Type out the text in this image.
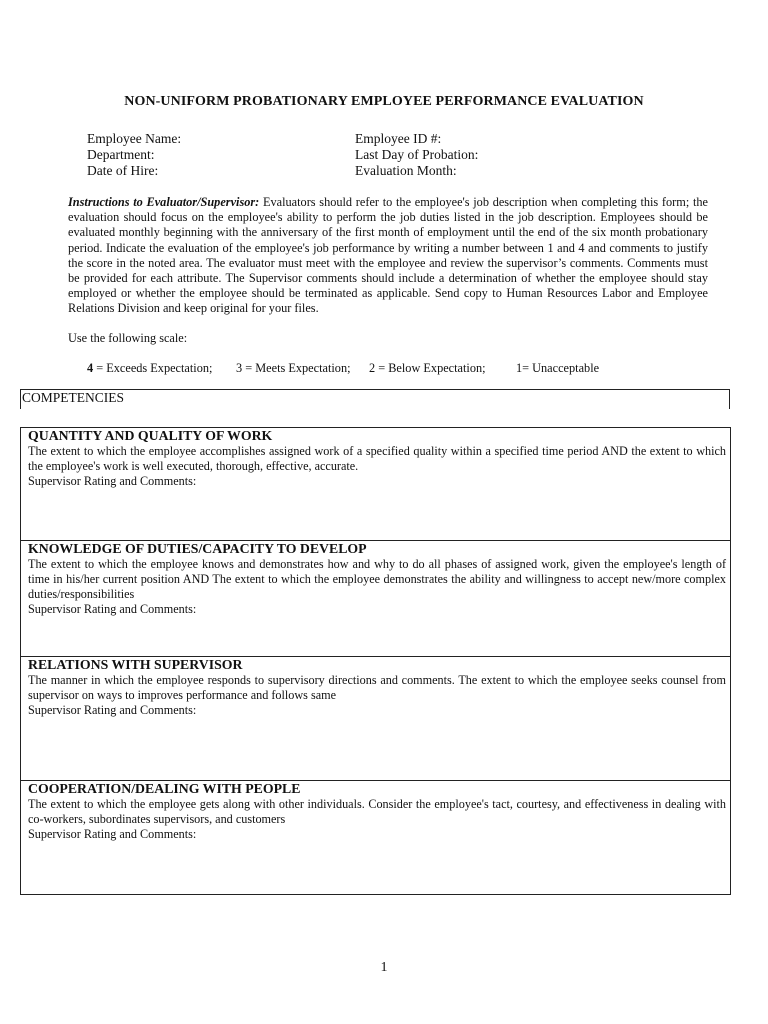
NON-UNIFORM PROBATIONARY EMPLOYEE PERFORMANCE EVALUATION
Employee Name:
Department:
Date of Hire:
Employee ID #:
Last Day of Probation:
Evaluation Month:
Instructions to Evaluator/Supervisor: Evaluators should refer to the employee's job description when completing this form; the evaluation should focus on the employee's ability to perform the job duties listed in the job description. Employees should be evaluated monthly beginning with the anniversary of the first month of employment until the end of the six month probationary period. Indicate the evaluation of the employee's job performance by writing a number between 1 and 4 and comments to justify the score in the noted area. The evaluator must meet with the employee and review the supervisor’s comments. Comments must be provided for each attribute. The Supervisor comments should include a determination of whether the employee should stay employed or whether the employee should be terminated as applicable. Send copy to Human Resources Labor and Employee Relations Division and keep original for your files.
Use the following scale:
4 = Exceeds Expectation; 3 = Meets Expectation; 2 = Below Expectation; 1= Unacceptable
COMPETENCIES
QUANTITY AND QUALITY OF WORK
The extent to which the employee accomplishes assigned work of a specified quality within a specified time period AND the extent to which the employee's work is well executed, thorough, effective, accurate.
Supervisor Rating and Comments:
KNOWLEDGE OF DUTIES/CAPACITY TO DEVELOP
The extent to which the employee knows and demonstrates how and why to do all phases of assigned work, given the employee's length of time in his/her current position AND The extent to which the employee demonstrates the ability and willingness to accept new/more complex duties/responsibilities
Supervisor Rating and Comments:
RELATIONS WITH SUPERVISOR
The manner in which the employee responds to supervisory directions and comments. The extent to which the employee seeks counsel from supervisor on ways to improves performance and follows same
Supervisor Rating and Comments:
COOPERATION/DEALING WITH PEOPLE
The extent to which the employee gets along with other individuals. Consider the employee's tact, courtesy, and effectiveness in dealing with co-workers, subordinates supervisors, and customers
Supervisor Rating and Comments:
1
